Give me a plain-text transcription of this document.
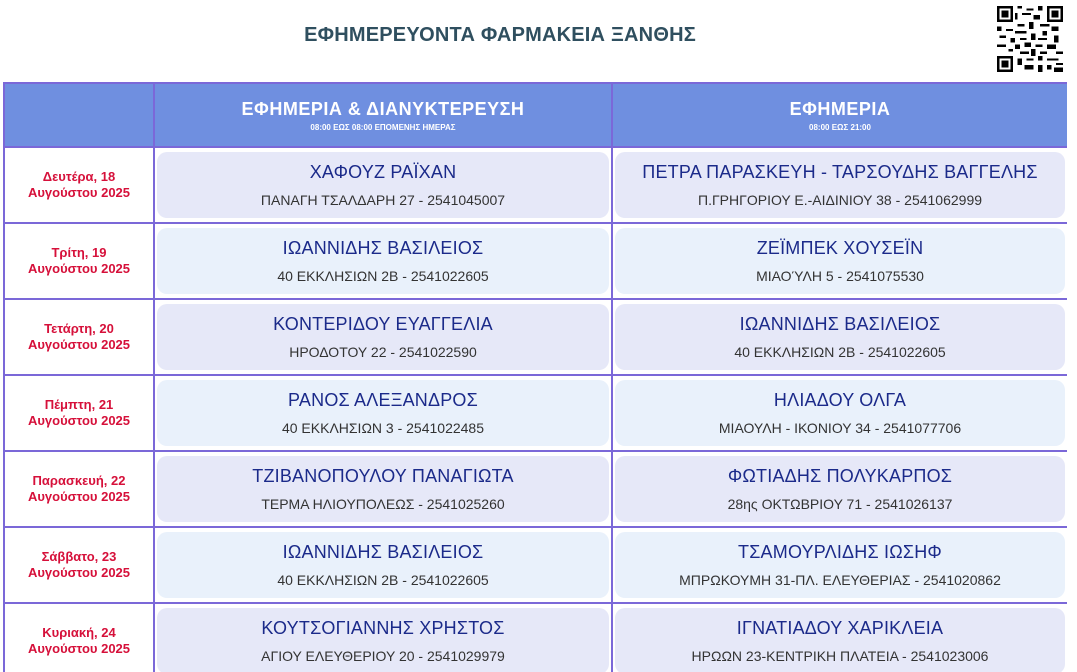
ΕΦΗΜΕΡΕΥΟΝΤΑ ΦΑΡΜΑΚΕΙΑ ΞΑΝΘΗΣ
ΕΦΗΜΕΡΙΑ & ΔΙΑΝΥΚΤΕΡΕΥΣΗ
08:00 ΕΩΣ 08:00 ΕΠΟΜΕΝΗΣ ΗΜΕΡΑΣ
ΕΦΗΜΕΡΙΑ
08:00 ΕΩΣ 21:00
Δευτέρα, 18
Αυγούστου 2025
ΧΑΦΟΥΖ ΡΑΪΧΑΝ
ΠΑΝΑΓΗ ΤΣΑΛΔΑΡΗ 27 - 2541045007
ΠΕΤΡΑ ΠΑΡΑΣΚΕΥΗ - ΤΑΡΣΟΥΔΗΣ ΒΑΓΓΕΛΗΣ
Π.ΓΡΗΓΟΡΙΟΥ Ε.-ΑΙΔΙΝΙΟΥ 38 - 2541062999
Τρίτη, 19
Αυγούστου 2025
ΙΩΑΝΝΙΔΗΣ ΒΑΣΙΛΕΙΟΣ
40 ΕΚΚΛΗΣΙΩΝ 2Β - 2541022605
ΖΕΪΜΠΕΚ ΧΟΥΣΕΪΝ
ΜΙΑΟΎΛΗ 5 - 2541075530
Τετάρτη, 20
Αυγούστου 2025
ΚΟΝΤΕΡΙΔΟΥ ΕΥΑΓΓΕΛΙΑ
ΗΡΟΔΟΤΟΥ 22 - 2541022590
ΙΩΑΝΝΙΔΗΣ ΒΑΣΙΛΕΙΟΣ
40 ΕΚΚΛΗΣΙΩΝ 2Β - 2541022605
Πέμπτη, 21
Αυγούστου 2025
ΡΑΝΟΣ ΑΛΕΞΑΝΔΡΟΣ
40 ΕΚΚΛΗΣΙΩΝ 3 - 2541022485
ΗΛΙΑΔΟΥ ΟΛΓΑ
ΜΙΑΟΥΛΗ - ΙΚΟΝΙΟΥ 34 - 2541077706
Παρασκευή, 22
Αυγούστου 2025
ΤΖΙΒΑΝΟΠΟΥΛΟΥ ΠΑΝΑΓΙΩΤΑ
ΤΕΡΜΑ ΗΛΙΟΥΠΟΛΕΩΣ - 2541025260
ΦΩΤΙΑΔΗΣ ΠΟΛΥΚΑΡΠΟΣ
28ης ΟΚΤΩΒΡΙΟΥ 71 - 2541026137
Σάββατο, 23
Αυγούστου 2025
ΙΩΑΝΝΙΔΗΣ ΒΑΣΙΛΕΙΟΣ
40 ΕΚΚΛΗΣΙΩΝ 2Β - 2541022605
ΤΣΑΜΟΥΡΛΙΔΗΣ ΙΩΣΗΦ
ΜΠΡΩΚΟΥΜΗ 31-ΠΛ. ΕΛΕΥΘΕΡΙΑΣ - 2541020862
Κυριακή, 24
Αυγούστου 2025
ΚΟΥΤΣΟΓΙΑΝΝΗΣ ΧΡΗΣΤΟΣ
ΑΓΙΟΥ ΕΛΕΥΘΕΡΙΟΥ 20 - 2541029979
ΙΓΝΑΤΙΑΔΟΥ ΧΑΡΙΚΛΕΙΑ
ΗΡΩΩΝ 23-ΚΕΝΤΡΙΚΗ ΠΛΑΤΕΙΑ - 2541023006
